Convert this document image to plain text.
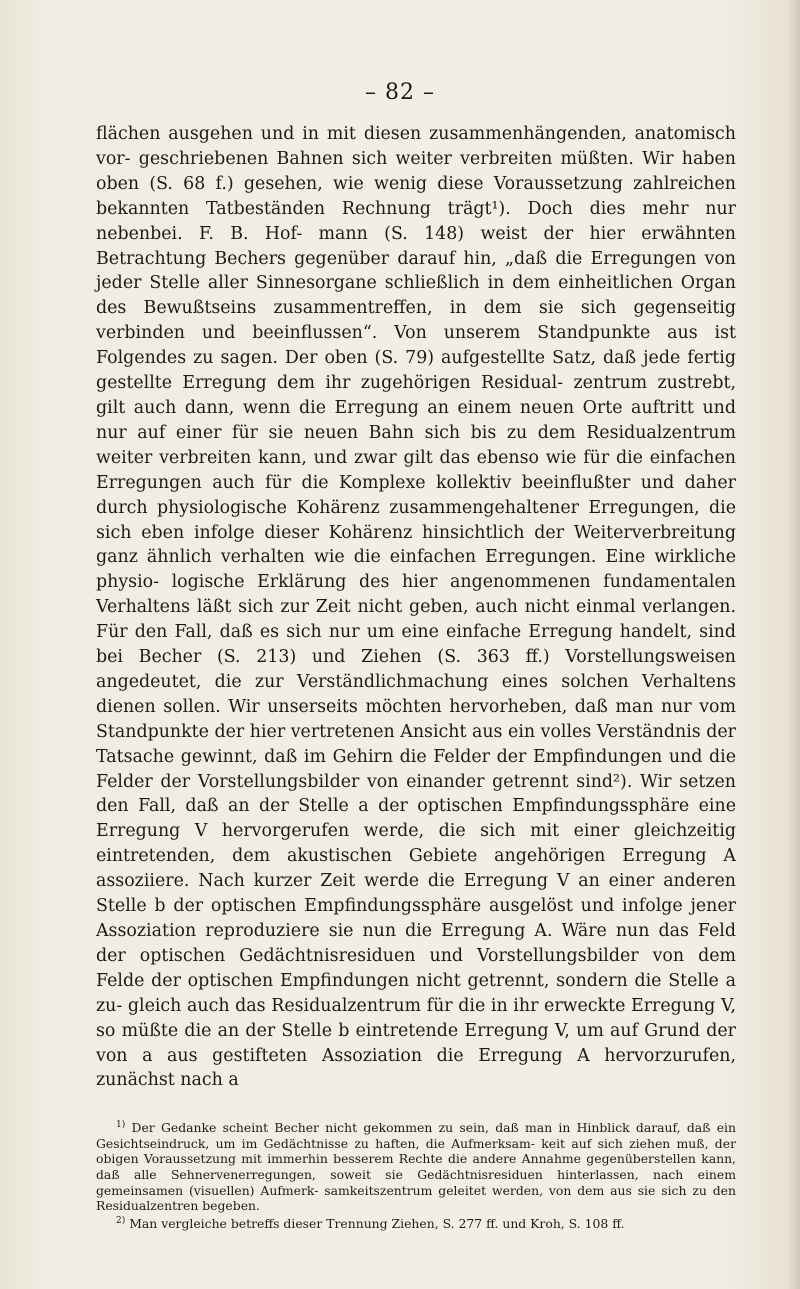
– 82 –

flächen ausgehen und in mit diesen zusammenhängenden, anatomisch vor- geschriebenen Bahnen sich weiter verbreiten müßten. Wir haben oben (S. 68 f.) gesehen, wie wenig diese Voraussetzung zahlreichen bekannten Tatbeständen Rechnung trägt¹). Doch dies mehr nur nebenbei. F. B. Hof- mann (S. 148) weist der hier erwähnten Betrachtung Bechers gegenüber darauf hin, „daß die Erregungen von jeder Stelle aller Sinnesorgane schließlich in dem einheitlichen Organ des Bewußtseins zusammentreffen, in dem sie sich gegenseitig verbinden und beeinflussen“. Von unserem Standpunkte aus ist Folgendes zu sagen. Der oben (S. 79) aufgestellte Satz, daß jede fertig gestellte Erregung dem ihr zugehörigen Residual- zentrum zustrebt, gilt auch dann, wenn die Erregung an einem neuen Orte auftritt und nur auf einer für sie neuen Bahn sich bis zu dem Residualzentrum weiter verbreiten kann, und zwar gilt das ebenso wie für die einfachen Erregungen auch für die Komplexe kollektiv beeinflußter und daher durch physiologische Kohärenz zusammengehaltener Erregungen, die sich eben infolge dieser Kohärenz hinsichtlich der Weiterverbreitung ganz ähnlich verhalten wie die einfachen Erregungen. Eine wirkliche physio- logische Erklärung des hier angenommenen fundamentalen Verhaltens läßt sich zur Zeit nicht geben, auch nicht einmal verlangen. Für den Fall, daß es sich nur um eine einfache Erregung handelt, sind bei Becher (S. 213) und Ziehen (S. 363 ff.) Vorstellungsweisen angedeutet, die zur Verständlichmachung eines solchen Verhaltens dienen sollen. Wir unserseits möchten hervorheben, daß man nur vom Standpunkte der hier vertretenen Ansicht aus ein volles Verständnis der Tatsache gewinnt, daß im Gehirn die Felder der Empfindungen und die Felder der Vorstellungsbilder von einander getrennt sind²). Wir setzen den Fall, daß an der Stelle a der optischen Empfindungssphäre eine Erregung V hervorgerufen werde, die sich mit einer gleichzeitig eintretenden, dem akustischen Gebiete angehörigen Erregung A assoziiere. Nach kurzer Zeit werde die Erregung V an einer anderen Stelle b der optischen Empfindungssphäre ausgelöst und infolge jener Assoziation reproduziere sie nun die Erregung A. Wäre nun das Feld der optischen Gedächtnisresiduen und Vorstellungsbilder von dem Felde der optischen Empfindungen nicht getrennt, sondern die Stelle a zu- gleich auch das Residualzentrum für die in ihr erweckte Erregung V, so müßte die an der Stelle b eintretende Erregung V, um auf Grund der von a aus gestifteten Assoziation die Erregung A hervorzurufen, zunächst nach a

$^{1)}$ Der Gedanke scheint Becher nicht gekommen zu sein, daß man in Hinblick darauf, daß ein Gesichtseindruck, um im Gedächtnisse zu haften, die Aufmerksam- keit auf sich ziehen muß, der obigen Voraussetzung mit immerhin besserem Rechte die andere Annahme gegenüberstellen kann, daß alle Sehnervenerregungen, soweit sie Gedächtnisresiduen hinterlassen, nach einem gemeinsamen (visuellen) Aufmerk- samkeitszentrum geleitet werden, von dem aus sie sich zu den Residualzentren begeben.

$^{2)}$ Man vergleiche betreffs dieser Trennung Ziehen, S. 277 ff. und Kroh, S. 108 ff.
